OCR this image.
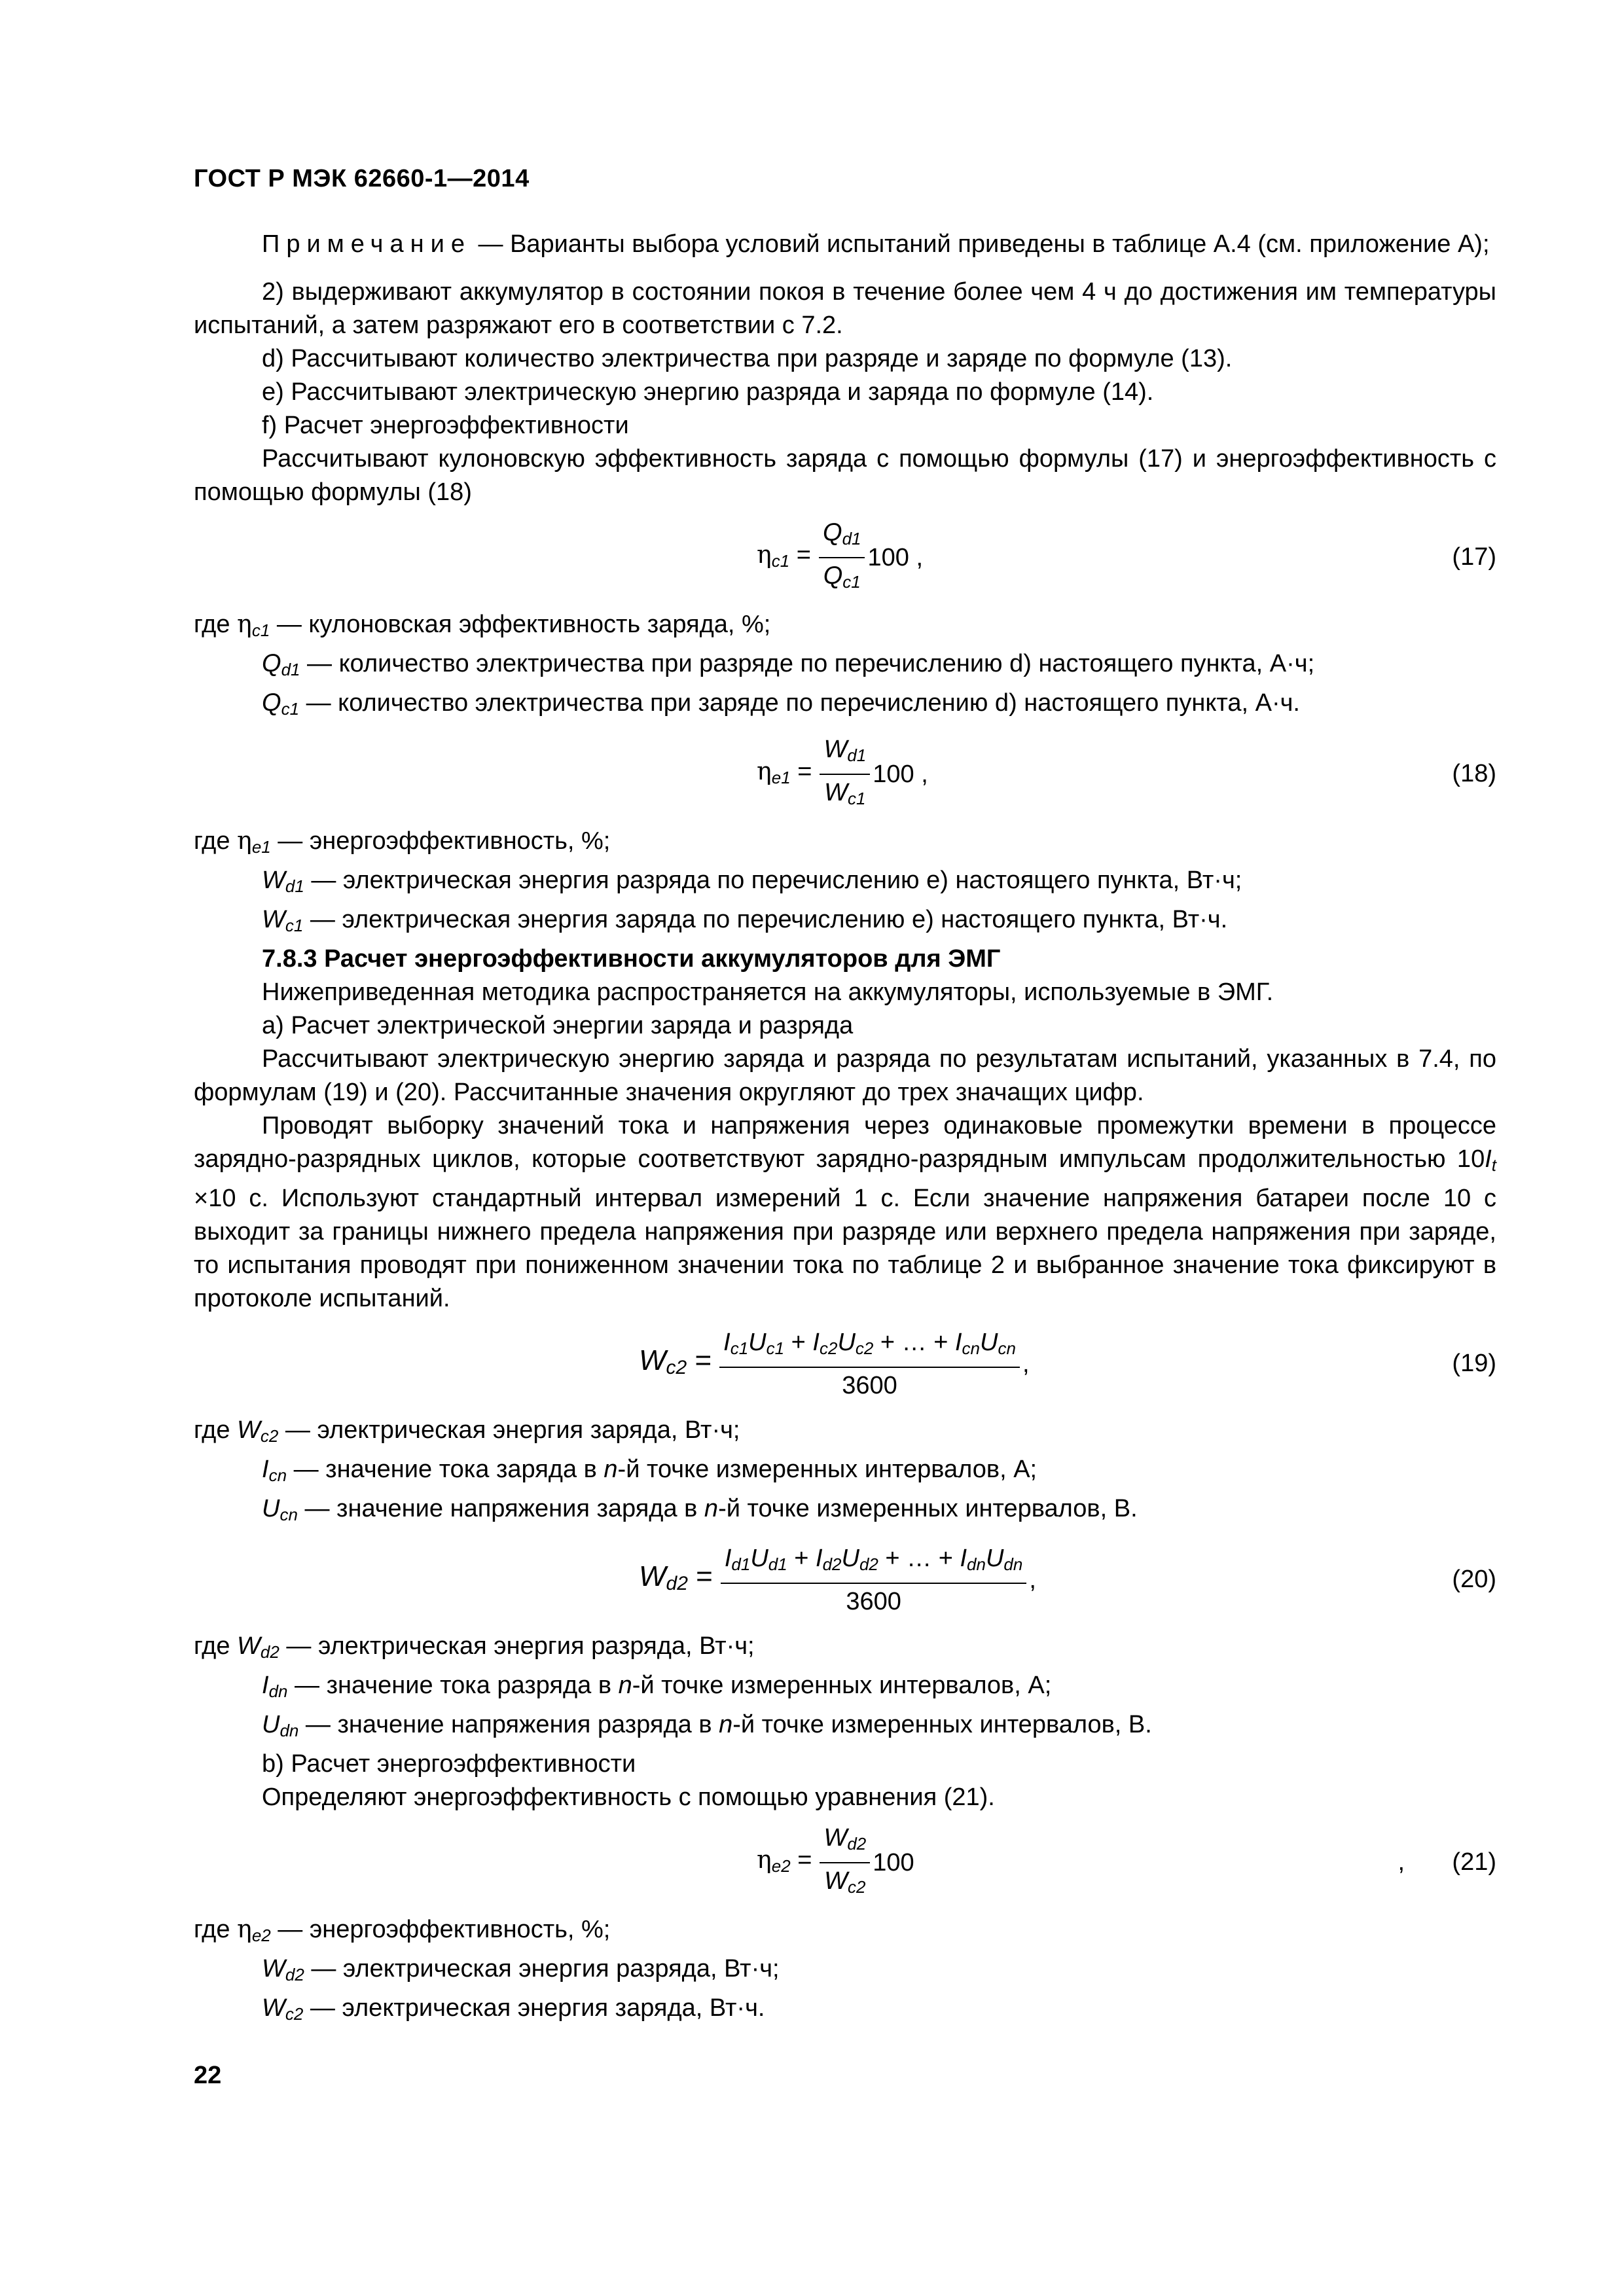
ГОСТ Р МЭК 62660-1—2014

Примечание — Варианты выбора условий испытаний приведены в таблице А.4 (см. приложение А);

2) выдерживают аккумулятор в состоянии покоя в течение более чем 4 ч до достижения им температуры испытаний, а затем разряжают его в соответствии с 7.2.

d) Рассчитывают количество электричества при разряде и заряде по формуле (13).

e) Рассчитывают электрическую энергию разряда и заряда по формуле (14).

f) Расчет энергоэффективности

Рассчитывают кулоновскую эффективность заряда с помощью формулы (17) и энергоэффективность с помощью формулы (18)

$\eta_{c1} = \frac{Q_{d1}}{Q_{c1}} 100$ ,	(17)

где $\eta_{c1}$ — кулоновская эффективность заряда, %;

$Q_{d1}$ — количество электричества при разряде по перечислению d) настоящего пункта, А·ч;

$Q_{c1}$ — количество электричества при заряде по перечислению d) настоящего пункта, А·ч.

$\eta_{e1} = \frac{W_{d1}}{W_{c1}} 100$ ,	(18)

где $\eta_{e1}$ — энергоэффективность, %;

$W_{d1}$ — электрическая энергия разряда по перечислению е) настоящего пункта, Вт·ч;

$W_{c1}$ — электрическая энергия заряда по перечислению е) настоящего пункта, Вт·ч.

7.8.3 Расчет энергоэффективности аккумуляторов для ЭМГ

Нижеприведенная методика распространяется на аккумуляторы, используемые в ЭМГ.

a) Расчет электрической энергии заряда и разряда

Рассчитывают электрическую энергию заряда и разряда по результатам испытаний, указанных в 7.4, по формулам (19) и (20). Рассчитанные значения округляют до трех значащих цифр.

Проводят выборку значений тока и напряжения через одинаковые промежутки времени в процессе зарядно-разрядных циклов, которые соответствуют зарядно-разрядным импульсам продолжительностью $10I_t \times 10$ с. Используют стандартный интервал измерений 1 с. Если значение напряжения батареи после 10 с выходит за границы нижнего предела напряжения при разряде или верхнего предела напряжения при заряде, то испытания проводят при пониженном значении тока по таблице 2 и выбранное значение тока фиксируют в протоколе испытаний.

$W_{c2} = \frac{I_{c1}U_{c1} + I_{c2}U_{c2} + \dots + I_{cn}U_{cn}}{3600}$ ,	(19)

где $W_{c2}$ — электрическая энергия заряда, Вт·ч;

$I_{cn}$ — значение тока заряда в n-й точке измеренных интервалов, А;

$U_{cn}$ — значение напряжения заряда в n-й точке измеренных интервалов, В.

$W_{d2} = \frac{I_{d1}U_{d1} + I_{d2}U_{d2} + \dots + I_{dn}U_{dn}}{3600}$ ,	(20)

где $W_{d2}$ — электрическая энергия разряда, Вт·ч;

$I_{dn}$ — значение тока разряда в n-й точке измеренных интервалов, А;

$U_{dn}$ — значение напряжения разряда в n-й точке измеренных интервалов, В.

b) Расчет энергоэффективности

Определяют энергоэффективность с помощью уравнения (21).

$\eta_{e2} = \frac{W_{d2}}{W_{c2}} 100$	, (21)

где $\eta_{e2}$ — энергоэффективность, %;

$W_{d2}$ — электрическая энергия разряда, Вт·ч;

$W_{c2}$ — электрическая энергия заряда, Вт·ч.

22
